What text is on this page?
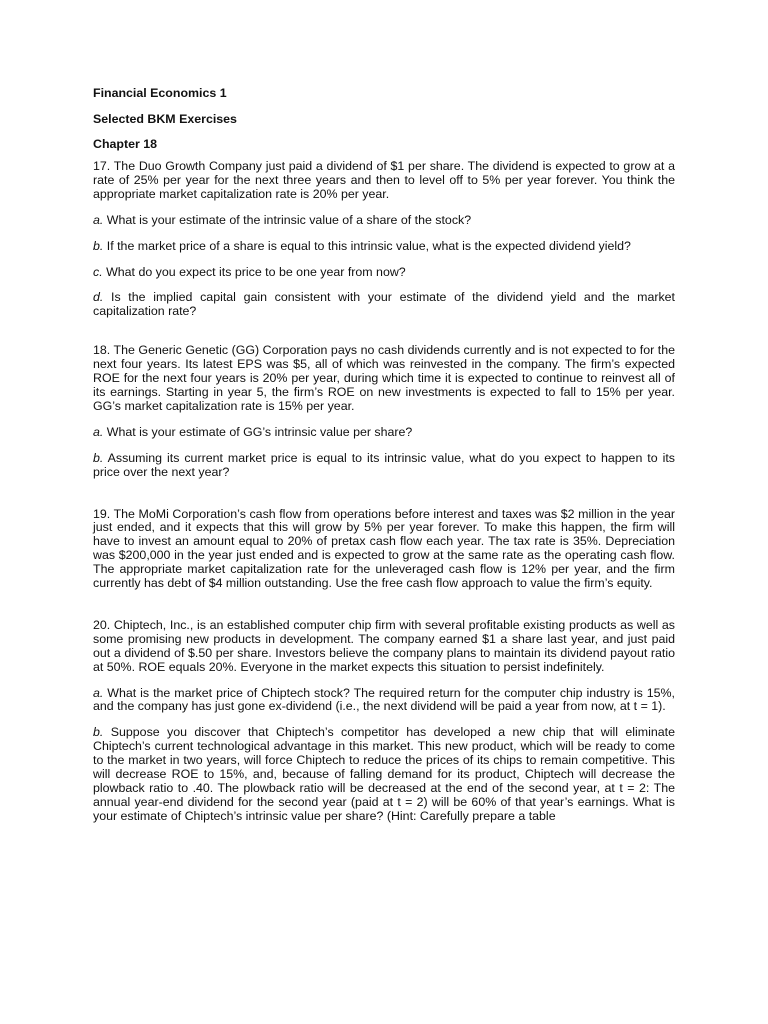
Financial Economics 1
Selected BKM Exercises
Chapter 18

17. The Duo Growth Company just paid a dividend of $1 per share. The dividend is expected to grow at a rate of 25% per year for the next three years and then to level off to 5% per year forever. You think the appropriate market capitalization rate is 20% per year.

a. What is your estimate of the intrinsic value of a share of the stock?

b. If the market price of a share is equal to this intrinsic value, what is the expected dividend yield?

c. What do you expect its price to be one year from now?

d. Is the implied capital gain consistent with your estimate of the dividend yield and the market capitalization rate?

18. The Generic Genetic (GG) Corporation pays no cash dividends currently and is not expected to for the next four years. Its latest EPS was $5, all of which was reinvested in the company. The firm’s expected ROE for the next four years is 20% per year, during which time it is expected to continue to reinvest all of its earnings. Starting in year 5, the firm’s ROE on new investments is expected to fall to 15% per year. GG’s market capitalization rate is 15% per year.

a. What is your estimate of GG’s intrinsic value per share?

b. Assuming its current market price is equal to its intrinsic value, what do you expect to happen to its price over the next year?

19. The MoMi Corporation’s cash flow from operations before interest and taxes was $2 million in the year just ended, and it expects that this will grow by 5% per year forever. To make this happen, the firm will have to invest an amount equal to 20% of pretax cash flow each year. The tax rate is 35%. Depreciation was $200,000 in the year just ended and is expected to grow at the same rate as the operating cash flow. The appropriate market capitalization rate for the unleveraged cash flow is 12% per year, and the firm currently has debt of $4 million outstanding. Use the free cash flow approach to value the firm’s equity.

20. Chiptech, Inc., is an established computer chip firm with several profitable existing products as well as some promising new products in development. The company earned $1 a share last year, and just paid out a dividend of $.50 per share. Investors believe the company plans to maintain its dividend payout ratio at 50%. ROE equals 20%. Everyone in the market expects this situation to persist indefinitely.

a. What is the market price of Chiptech stock? The required return for the computer chip industry is 15%, and the company has just gone ex-dividend (i.e., the next dividend will be paid a year from now, at t = 1).

b. Suppose you discover that Chiptech’s competitor has developed a new chip that will eliminate Chiptech’s current technological advantage in this market. This new product, which will be ready to come to the market in two years, will force Chiptech to reduce the prices of its chips to remain competitive. This will decrease ROE to 15%, and, because of falling demand for its product, Chiptech will decrease the plowback ratio to .40. The plowback ratio will be decreased at the end of the second year, at t = 2: The annual year-end dividend for the second year (paid at t = 2) will be 60% of that year’s earnings. What is your estimate of Chiptech’s intrinsic value per share? (Hint: Carefully prepare a table
